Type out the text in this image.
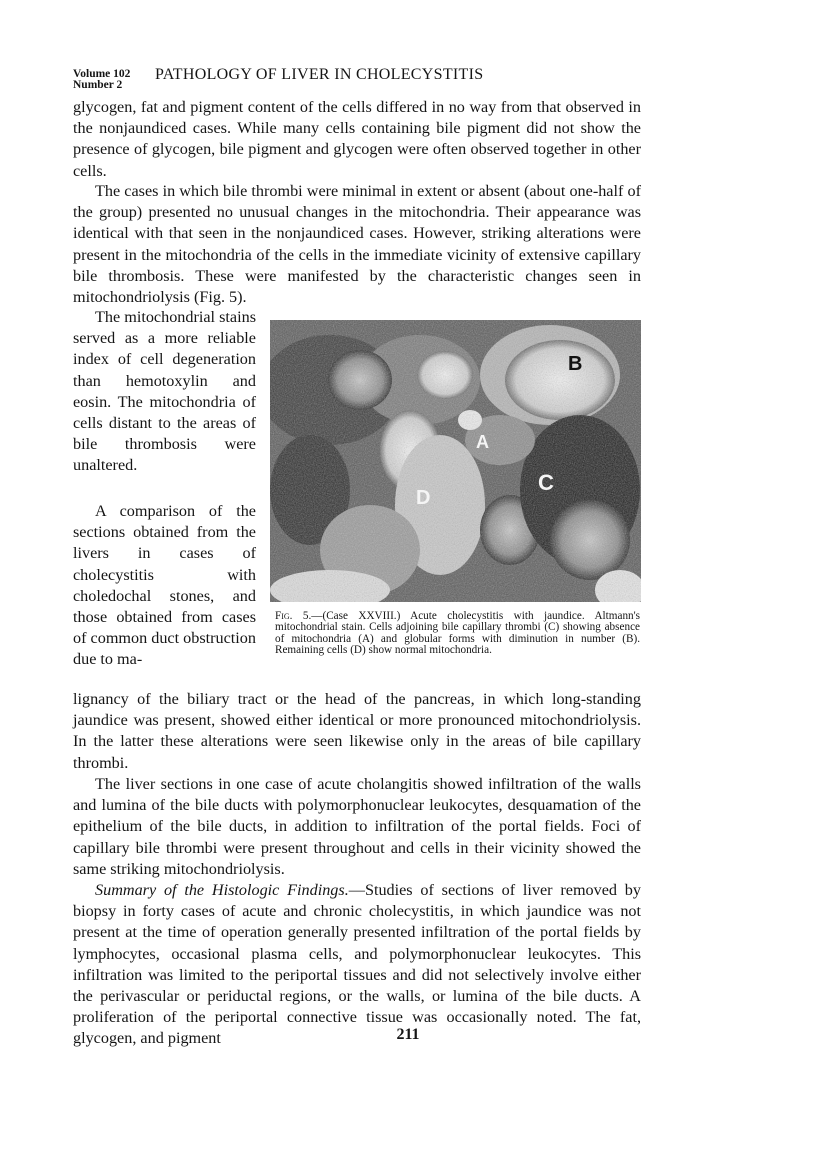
Volume 102
Number 2
PATHOLOGY OF LIVER IN CHOLECYSTITIS

glycogen, fat and pigment content of the cells differed in no way from that observed in the nonjaundiced cases. While many cells containing bile pigment did not show the presence of glycogen, bile pigment and glycogen were often observed together in other cells.

The cases in which bile thrombi were minimal in extent or absent (about one-half of the group) presented no unusual changes in the mitochondria. Their appearance was identical with that seen in the nonjaundiced cases. However, striking alterations were present in the mitochondria of the cells in the immediate vicinity of extensive capillary bile thrombosis. These were manifested by the characteristic changes seen in mitochondriolysis (Fig. 5).

The mitochondrial stains served as a more reliable index of cell degeneration than hemotoxylin and eosin. The mitochondria of cells distant to the areas of bile thrombosis were unaltered.

A comparison of the sections obtained from the livers in cases of cholecystitis with choledochal stones, and those obtained from cases of common duct obstruction due to ma-

B
A
C
D

Fig. 5.—(Case XXVIII.) Acute cholecystitis with jaundice. Altmann's mitochondrial stain. Cells adjoining bile capillary thrombi (C) showing absence of mitochondria (A) and globular forms with diminution in number (B). Remaining cells (D) show normal mitochondria.

lignancy of the biliary tract or the head of the pancreas, in which long-standing jaundice was present, showed either identical or more pronounced mitochondriolysis. In the latter these alterations were seen likewise only in the areas of bile capillary thrombi.

The liver sections in one case of acute cholangitis showed infiltration of the walls and lumina of the bile ducts with polymorphonuclear leukocytes, desquamation of the epithelium of the bile ducts, in addition to infiltration of the portal fields. Foci of capillary bile thrombi were present throughout and cells in their vicinity showed the same striking mitochondriolysis.

Summary of the Histologic Findings.—Studies of sections of liver removed by biopsy in forty cases of acute and chronic cholecystitis, in which jaundice was not present at the time of operation generally presented infiltration of the portal fields by lymphocytes, occasional plasma cells, and polymorphonuclear leukocytes. This infiltration was limited to the periportal tissues and did not selectively involve either the perivascular or periductal regions, or the walls, or lumina of the bile ducts. A proliferation of the periportal connective tissue was occasionally noted. The fat, glycogen, and pigment	211
